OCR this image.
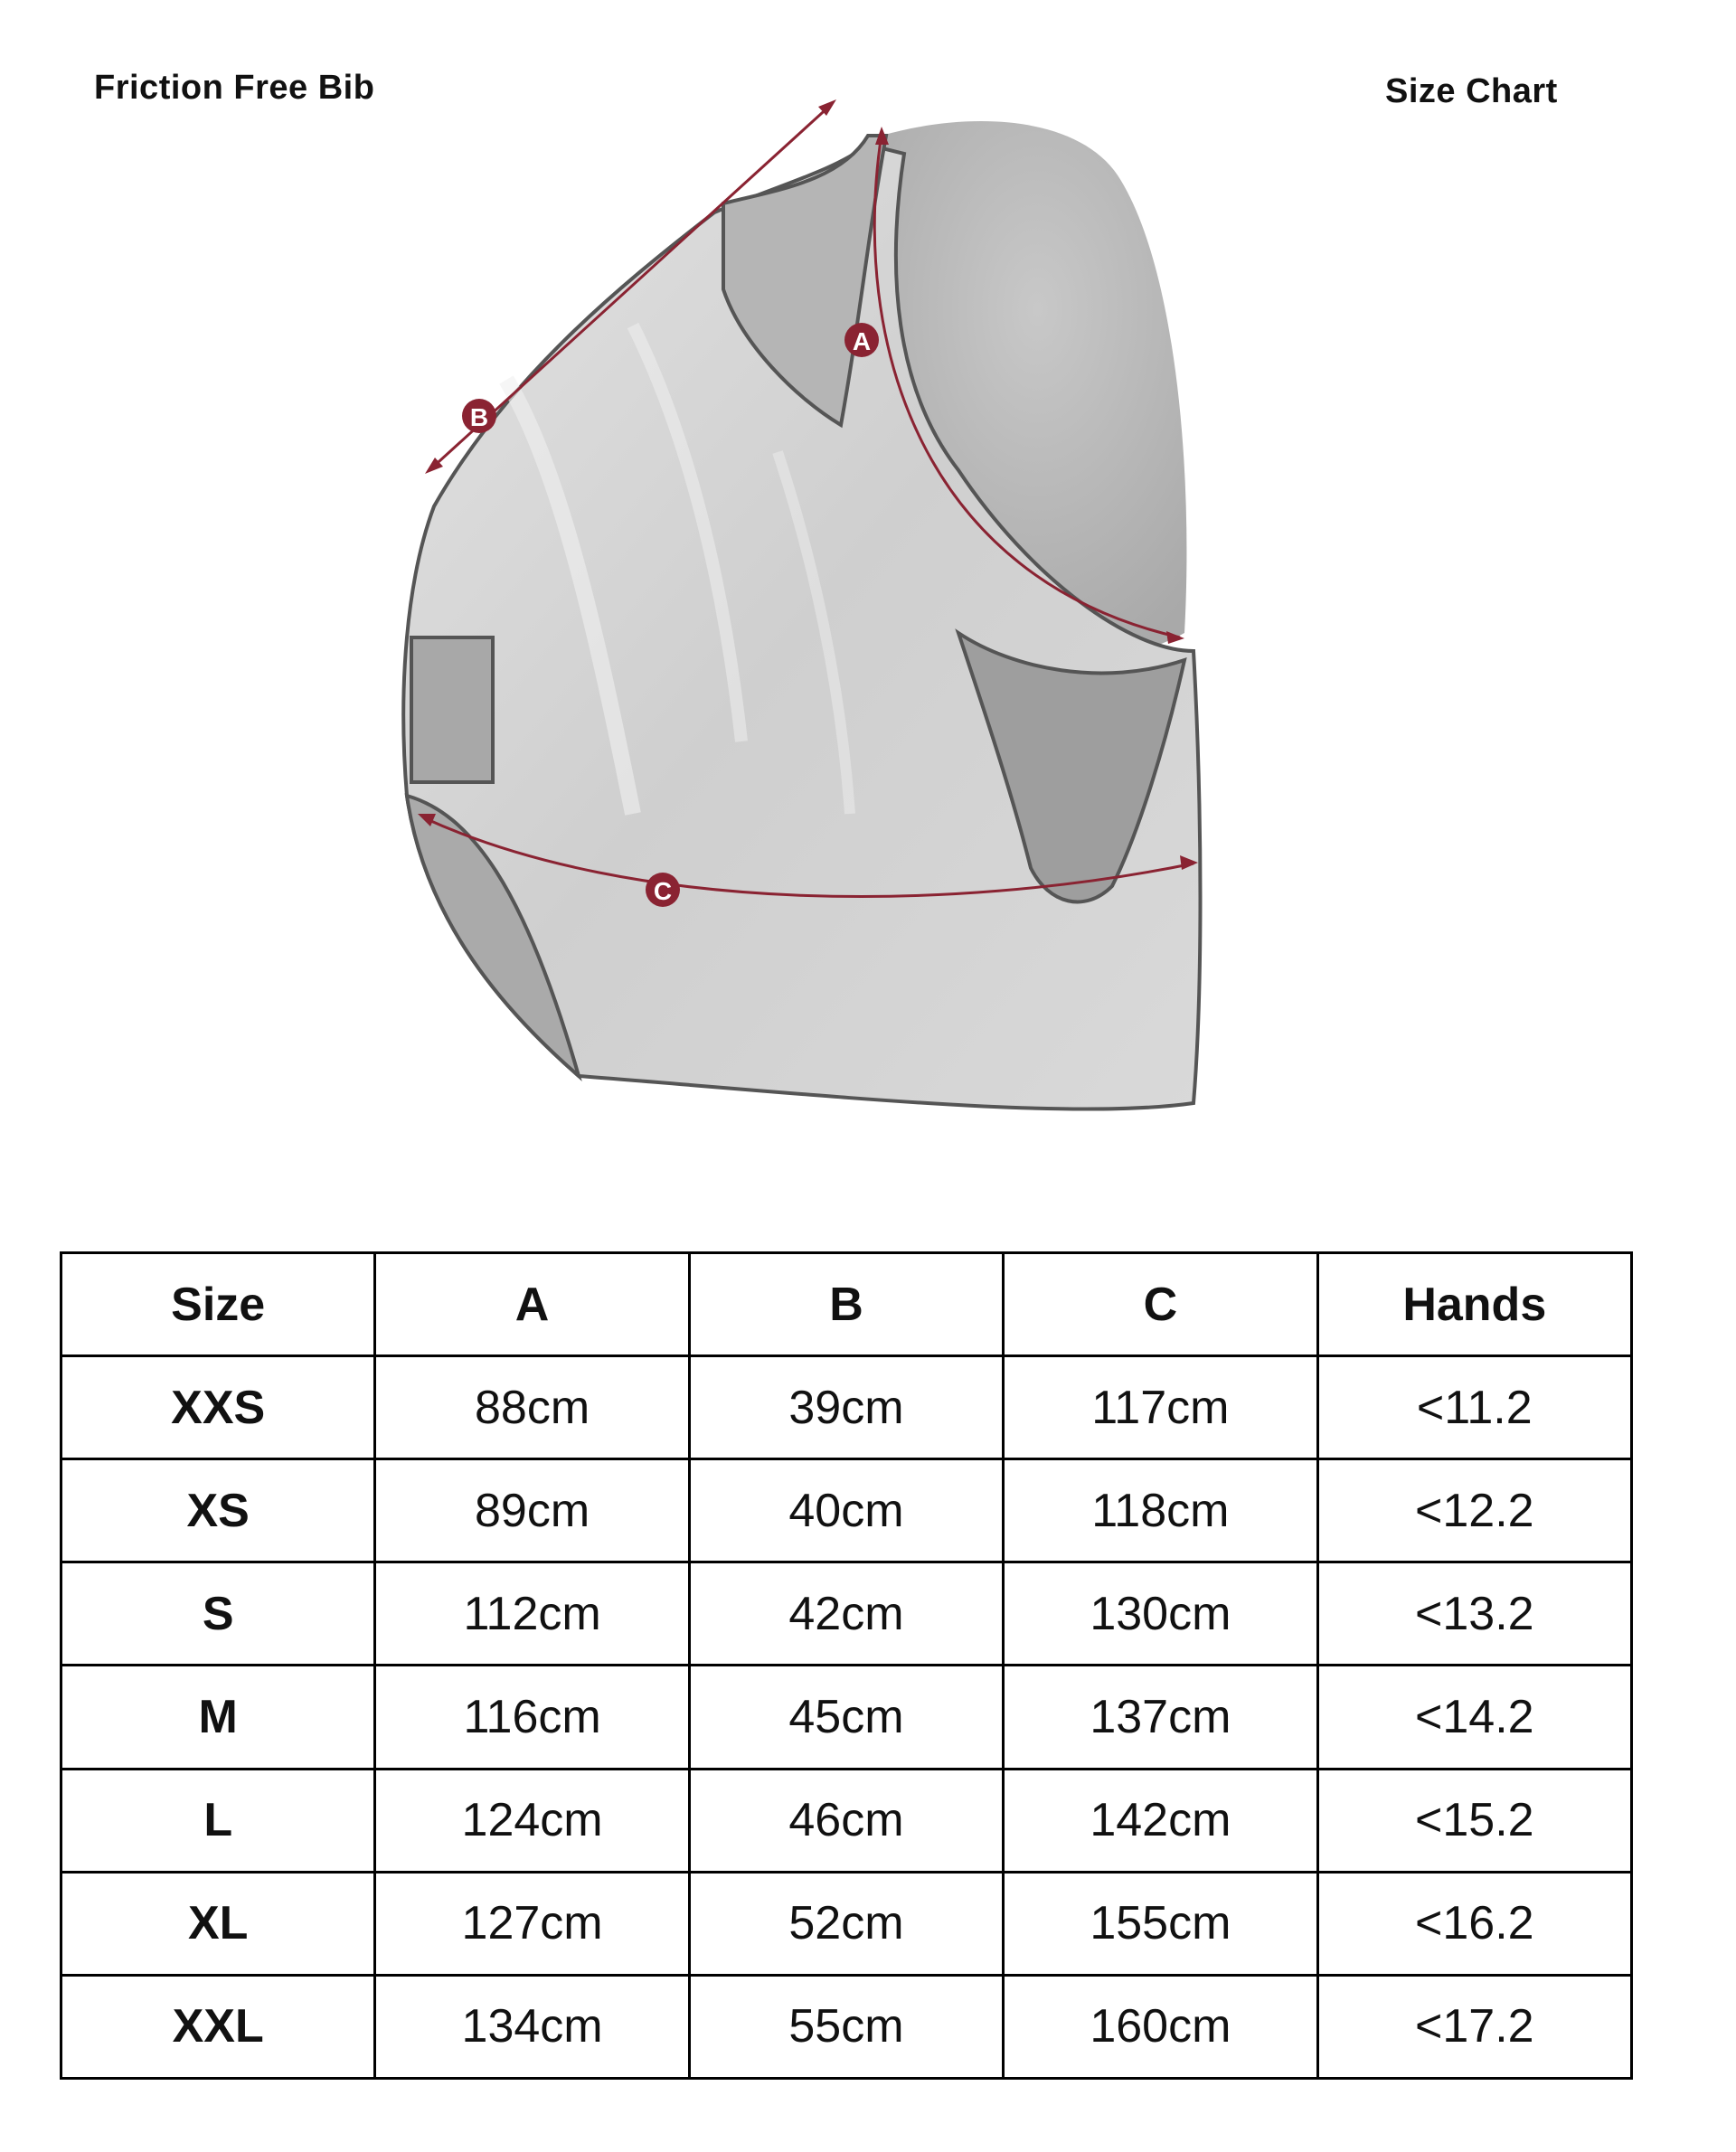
Friction Free Bib	Size Chart
A
B
C
Size	A	B	C	Hands
XXS	88cm	39cm	117cm	<11.2
XS	89cm	40cm	118cm	<12.2
S	112cm	42cm	130cm	<13.2
M	116cm	45cm	137cm	<14.2
L	124cm	46cm	142cm	<15.2
XL	127cm	52cm	155cm	<16.2
XXL	134cm	55cm	160cm	<17.2
